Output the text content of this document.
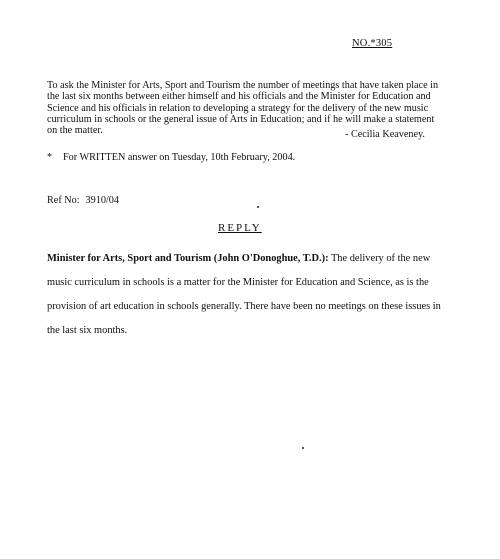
NO.*305

To ask the Minister for Arts, Sport and Tourism the number of meetings that have taken place in the last six months between either himself and his officials and the Minister for Education and Science and his officials in relation to developing a strategy for the delivery of the new music curriculum in schools or the general issue of Arts in Education; and if he will make a statement on the matter.	- Cecilia Keaveney.
* For WRITTEN answer on Tuesday, 10th February, 2004.
Ref No: 3910/04
REPLY

Minister for Arts, Sport and Tourism (John O'Donoghue, T.D.): The delivery of the new music curriculum in schools is a matter for the Minister for Education and Science, as is the provision of art education in schools generally. There have been no meetings on these issues in the last six months.
